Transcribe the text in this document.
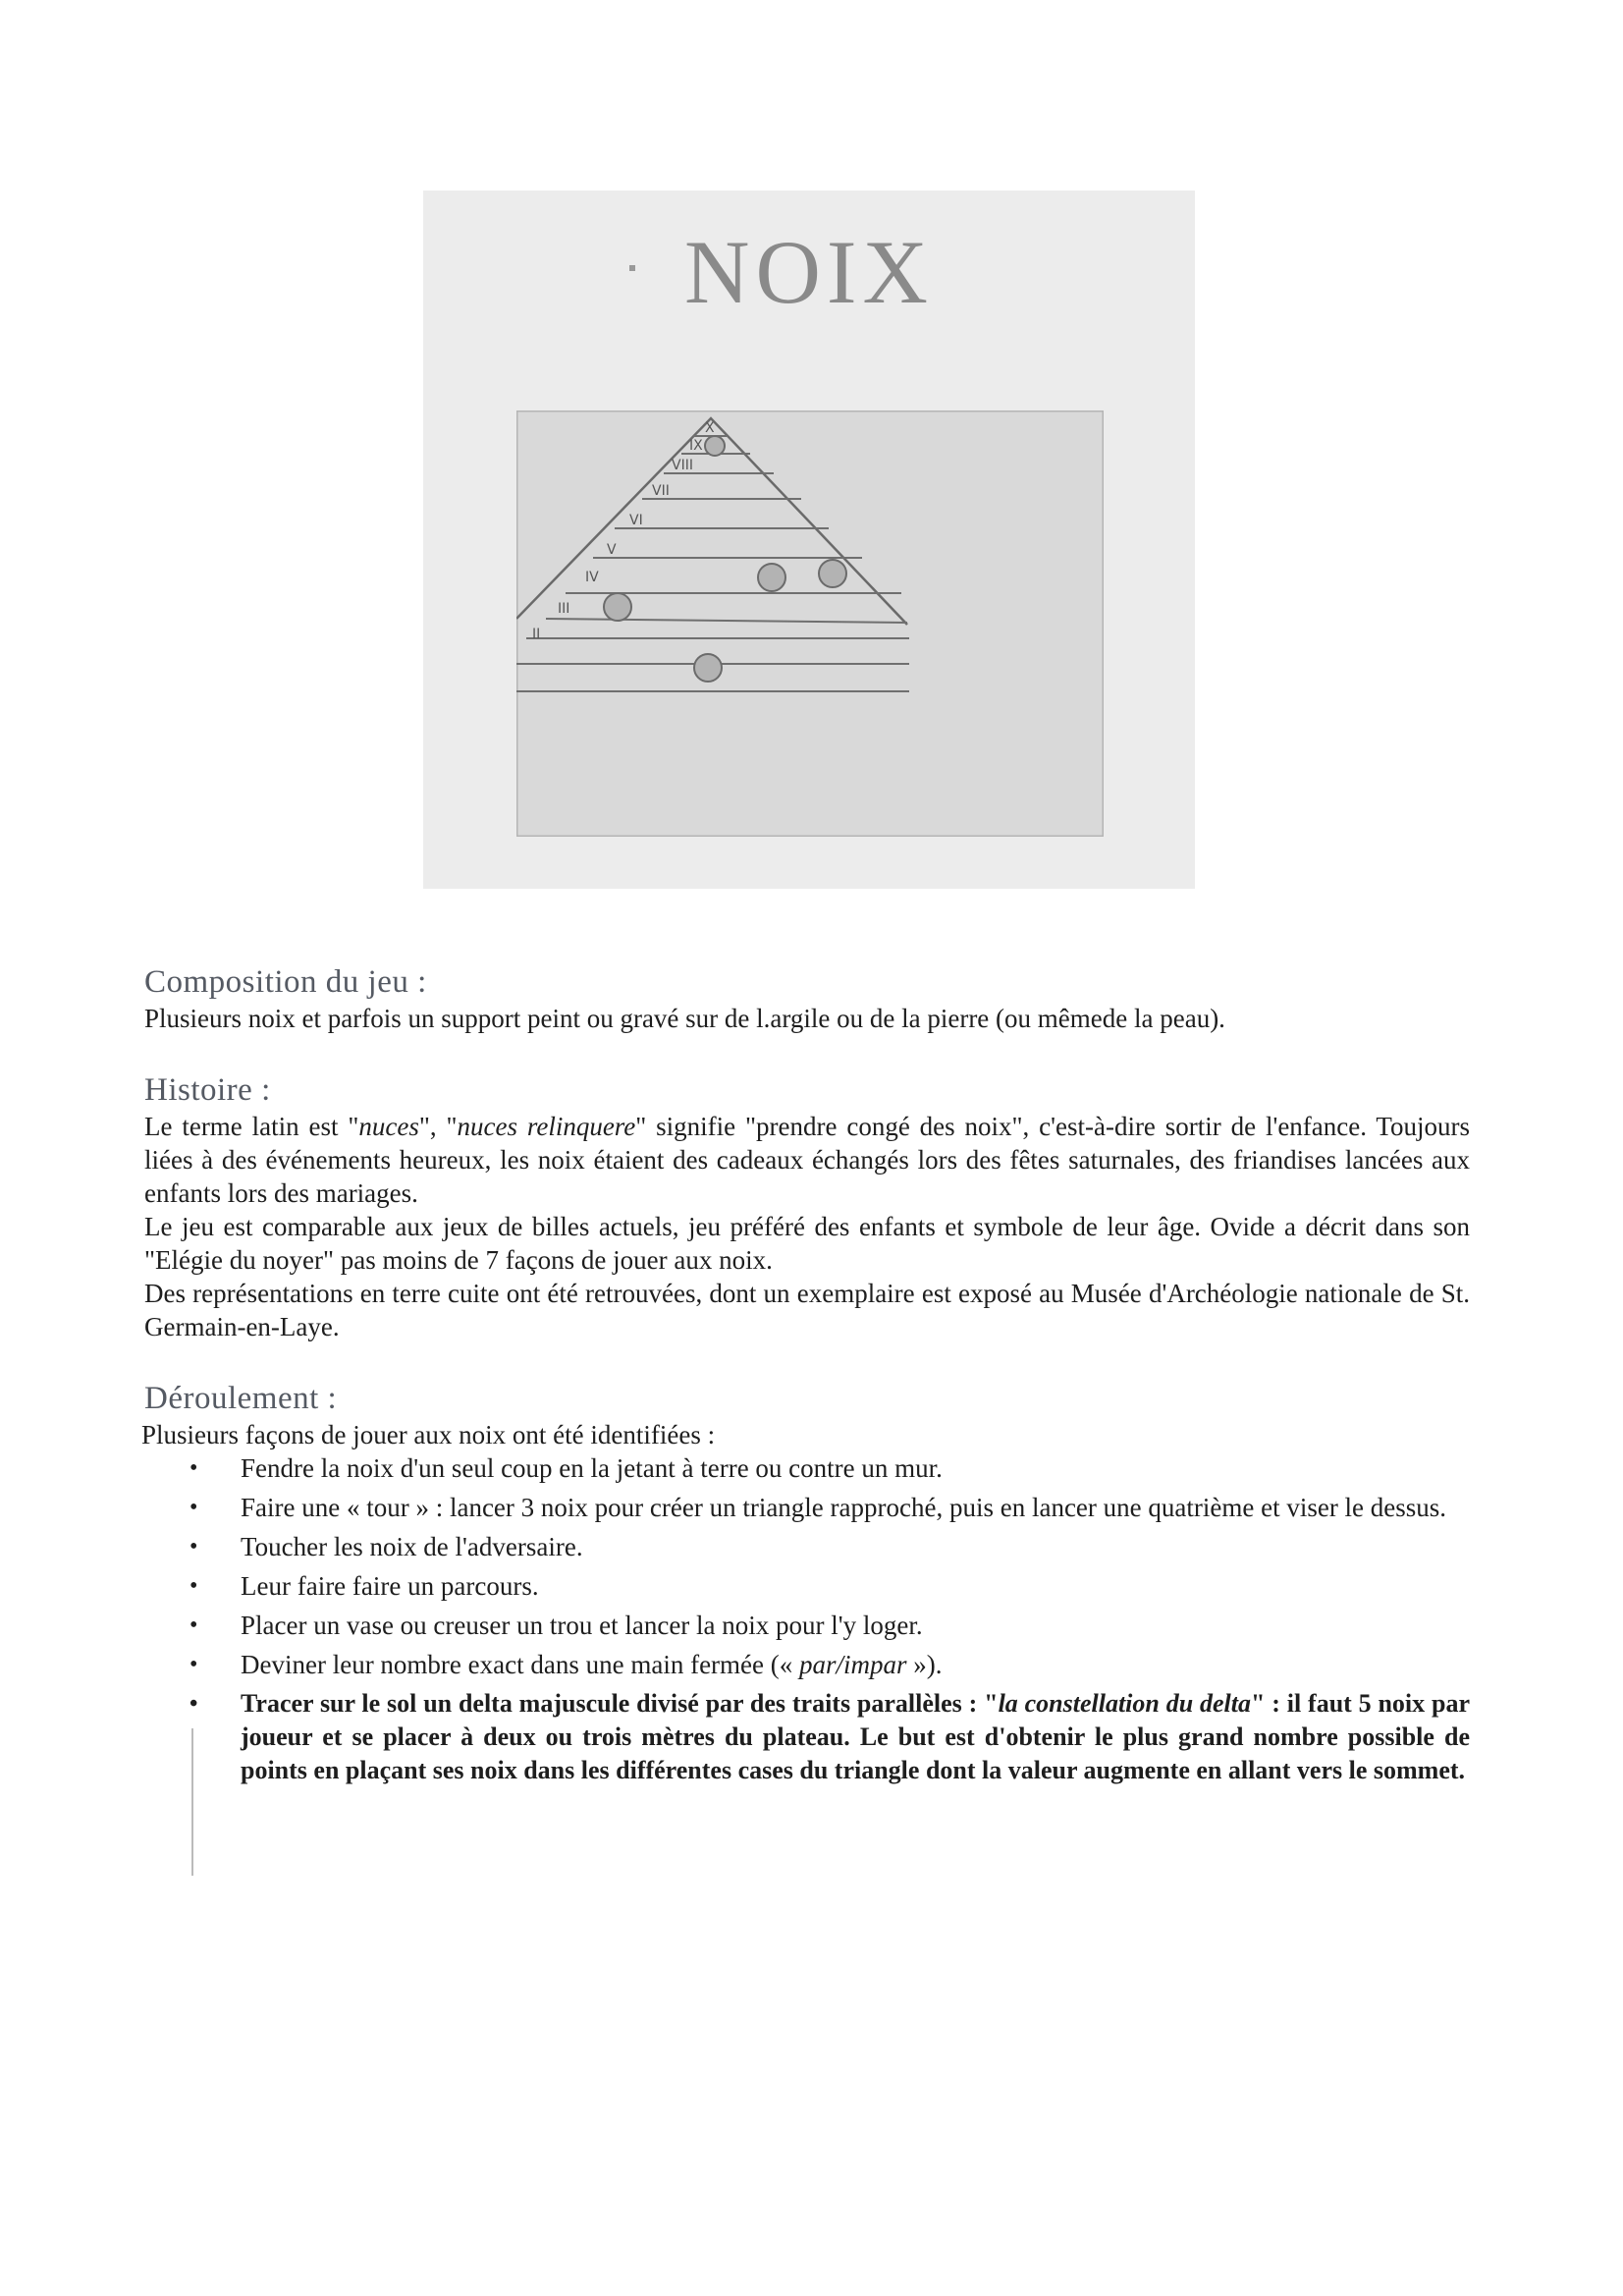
NOIX
X
IX
VIII
VII
VI
V
IV
III
II
Composition du jeu :

Plusieurs noix et parfois un support peint ou gravé sur de l.argile ou de la pierre (ou mêmede la peau).

Histoire :

Le terme latin est "nuces", "nuces relinquere" signifie "prendre congé des noix", c'est-à-dire sortir de l'enfance. Toujours liées à des événements heureux, les noix étaient des cadeaux échangés lors des fêtes saturnales, des friandises lancées aux enfants lors des mariages.

Le jeu est comparable aux jeux de billes actuels, jeu préféré des enfants et symbole de leur âge. Ovide a décrit dans son "Elégie du noyer" pas moins de 7 façons de jouer aux noix.

Des représentations en terre cuite ont été retrouvées, dont un exemplaire est exposé au Musée d'Archéologie nationale de St. Germain-en-Laye.

Déroulement :

Plusieurs façons de jouer aux noix ont été identifiées :

• Fendre la noix d'un seul coup en la jetant à terre ou contre un mur.
• Faire une « tour » : lancer 3 noix pour créer un triangle rapproché, puis en lancer une quatrième et viser le dessus.
• Toucher les noix de l'adversaire.
• Leur faire faire un parcours.
• Placer un vase ou creuser un trou et lancer la noix pour l'y loger.
• Deviner leur nombre exact dans une main fermée (« par/impar »).
• Tracer sur le sol un delta majuscule divisé par des traits parallèles : "la constellation du delta" : il faut 5 noix par joueur et se placer à deux ou trois mètres du plateau. Le but est d'obtenir le plus grand nombre possible de points en plaçant ses noix dans les différentes cases du triangle dont la valeur augmente en allant vers le sommet.
